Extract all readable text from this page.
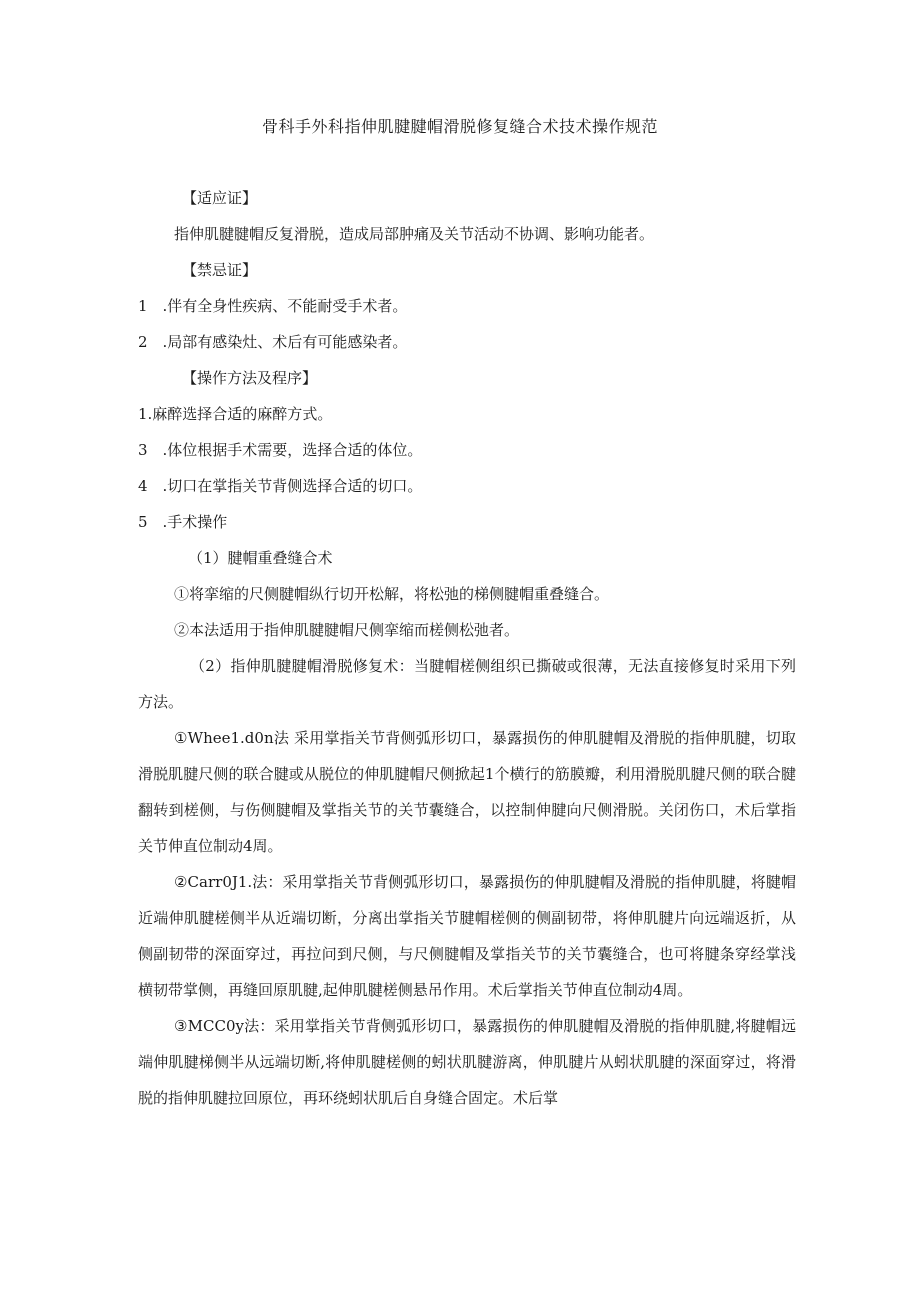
骨科手外科指伸肌腱腱帽滑脱修复缝合术技术操作规范

【适应证】

指伸肌腱腱帽反复滑脱，造成局部肿痛及关节活动不协调、影响功能者。

【禁忌证】

1　.伴有全身性疾病、不能耐受手术者。

2　.局部有感染灶、术后有可能感染者。

【操作方法及程序】

1.麻醉选择合适的麻醉方式。

3　.体位根据手术需要，选择合适的体位。

4　.切口在掌指关节背侧选择合适的切口。

5　.手术操作

（1）腱帽重叠缝合术

①将挛缩的尺侧腱帽纵行切开松解，将松弛的梯侧腱帽重叠缝合。

②本法适用于指伸肌腱腱帽尺侧挛缩而槎侧松弛者。

（2）指伸肌腱腱帽滑脱修复术：当腱帽槎侧组织已撕破或很薄，无法直接修复时采用下列方法。

①Whee1.d0n法 采用掌指关节背侧弧形切口，暴露损伤的伸肌腱帽及滑脱的指伸肌腱，切取滑脱肌腱尺侧的联合腱或从脱位的伸肌腱帽尺侧掀起1个横行的筋膜瓣，利用滑脱肌腱尺侧的联合腱翻转到槎侧，与伤侧腱帽及掌指关节的关节囊缝合，以控制伸腱向尺侧滑脱。关闭伤口，术后掌指关节伸直位制动4周。

②Carr0J1.法：采用掌指关节背侧弧形切口，暴露损伤的伸肌腱帽及滑脱的指伸肌腱，将腱帽近端伸肌腱槎侧半从近端切断，分离出掌指关节腱帽槎侧的侧副韧带，将伸肌腱片向远端返折，从侧副韧带的深面穿过，再拉问到尺侧，与尺侧腱帽及掌指关节的关节囊缝合，也可将腱条穿经掌浅横韧带掌侧，再缝回原肌腱,起伸肌腱槎侧悬吊作用。术后掌指关节伸直位制动4周。

③MCC0y法：采用掌指关节背侧弧形切口，暴露损伤的伸肌腱帽及滑脱的指伸肌腱,将腱帽远端伸肌腱梯侧半从远端切断,将伸肌腱槎侧的蚓状肌腱游离，伸肌腱片从蚓状肌腱的深面穿过，将滑脱的指伸肌腱拉回原位，再环绕蚓状肌后自身缝合固定。术后掌
